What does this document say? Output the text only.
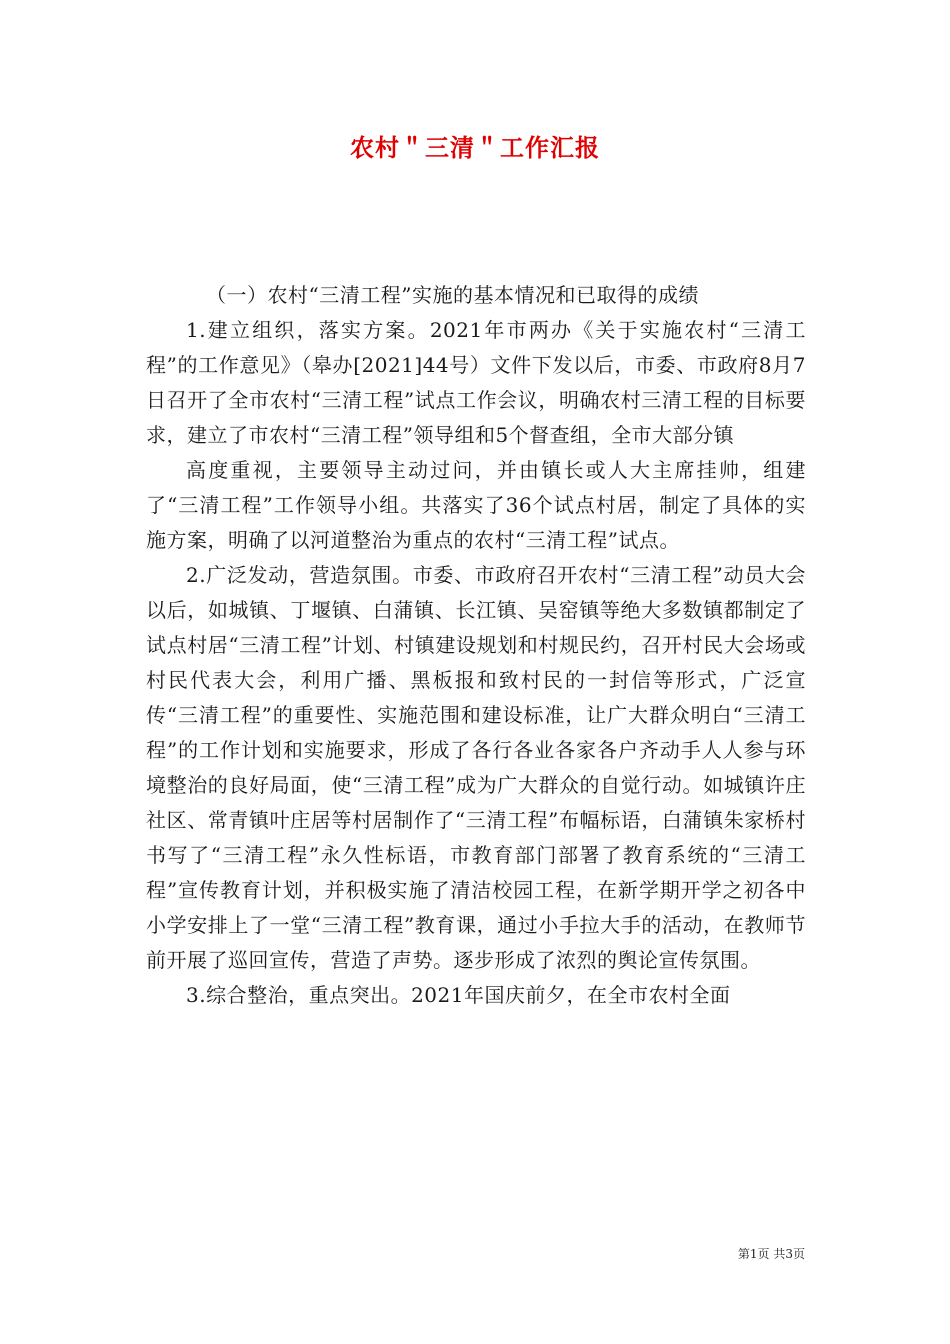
农村＂三清＂工作汇报

（一）农村“三清工程”实施的基本情况和已取得的成绩

1.建立组织，落实方案。2021年市两办《关于实施农村“三清工程”的工作意见》（皋办[2021]44号）文件下发以后，市委、市政府8月7日召开了全市农村“三清工程”试点工作会议，明确农村三清工程的目标要求，建立了市农村“三清工程”领导组和5个督查组，全市大部分镇

高度重视，主要领导主动过问，并由镇长或人大主席挂帅，组建了“三清工程”工作领导小组。共落实了36个试点村居，制定了具体的实施方案，明确了以河道整治为重点的农村“三清工程”试点。

2.广泛发动，营造氛围。市委、市政府召开农村“三清工程”动员大会以后，如城镇、丁堰镇、白蒲镇、长江镇、吴窑镇等绝大多数镇都制定了试点村居“三清工程”计划、村镇建设规划和村规民约，召开村民大会场或村民代表大会，利用广播、黑板报和致村民的一封信等形式，广泛宣传“三清工程”的重要性、实施范围和建设标准，让广大群众明白“三清工程”的工作计划和实施要求，形成了各行各业各家各户齐动手人人参与环境整治的良好局面，使“三清工程”成为广大群众的自觉行动。如城镇许庄社区、常青镇叶庄居等村居制作了“三清工程”布幅标语，白蒲镇朱家桥村书写了“三清工程”永久性标语，市教育部门部署了教育系统的“三清工程”宣传教育计划，并积极实施了清洁校园工程，在新学期开学之初各中小学安排上了一堂“三清工程”教育课，通过小手拉大手的活动，在教师节前开展了巡回宣传，营造了声势。逐步形成了浓烈的舆论宣传氛围。

3.综合整治，重点突出。2021年国庆前夕，在全市农村全面

第1页 共3页
